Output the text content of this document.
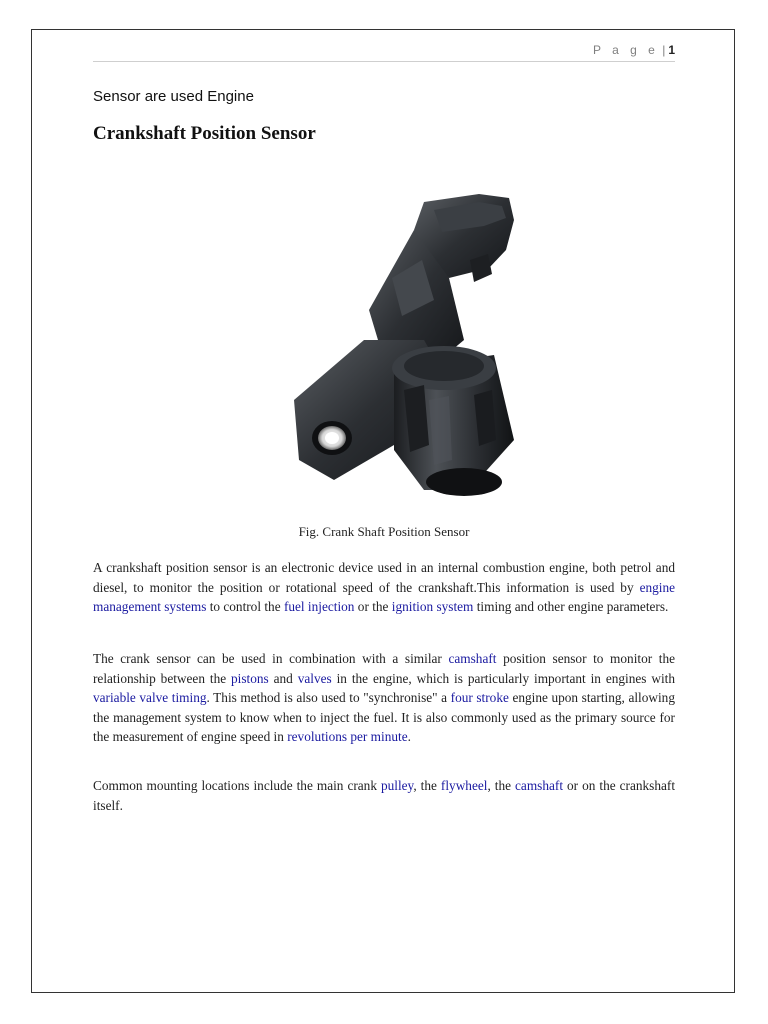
P a g e | 1
Sensor are used Engine
Crankshaft Position Sensor
Fig. Crank Shaft Position Sensor
A crankshaft position sensor is an electronic device used in an internal combustion engine, both petrol and diesel, to monitor the position or rotational speed of the crankshaft.This information is used by engine management systems to control the fuel injection or the ignition system timing and other engine parameters.
The crank sensor can be used in combination with a similar camshaft position sensor to monitor the relationship between the pistons and valves in the engine, which is particularly important in engines with variable valve timing. This method is also used to "synchronise" a four stroke engine upon starting, allowing the management system to know when to inject the fuel. It is also commonly used as the primary source for the measurement of engine speed in revolutions per minute.
Common mounting locations include the main crank pulley, the flywheel, the camshaft or on the crankshaft itself.
